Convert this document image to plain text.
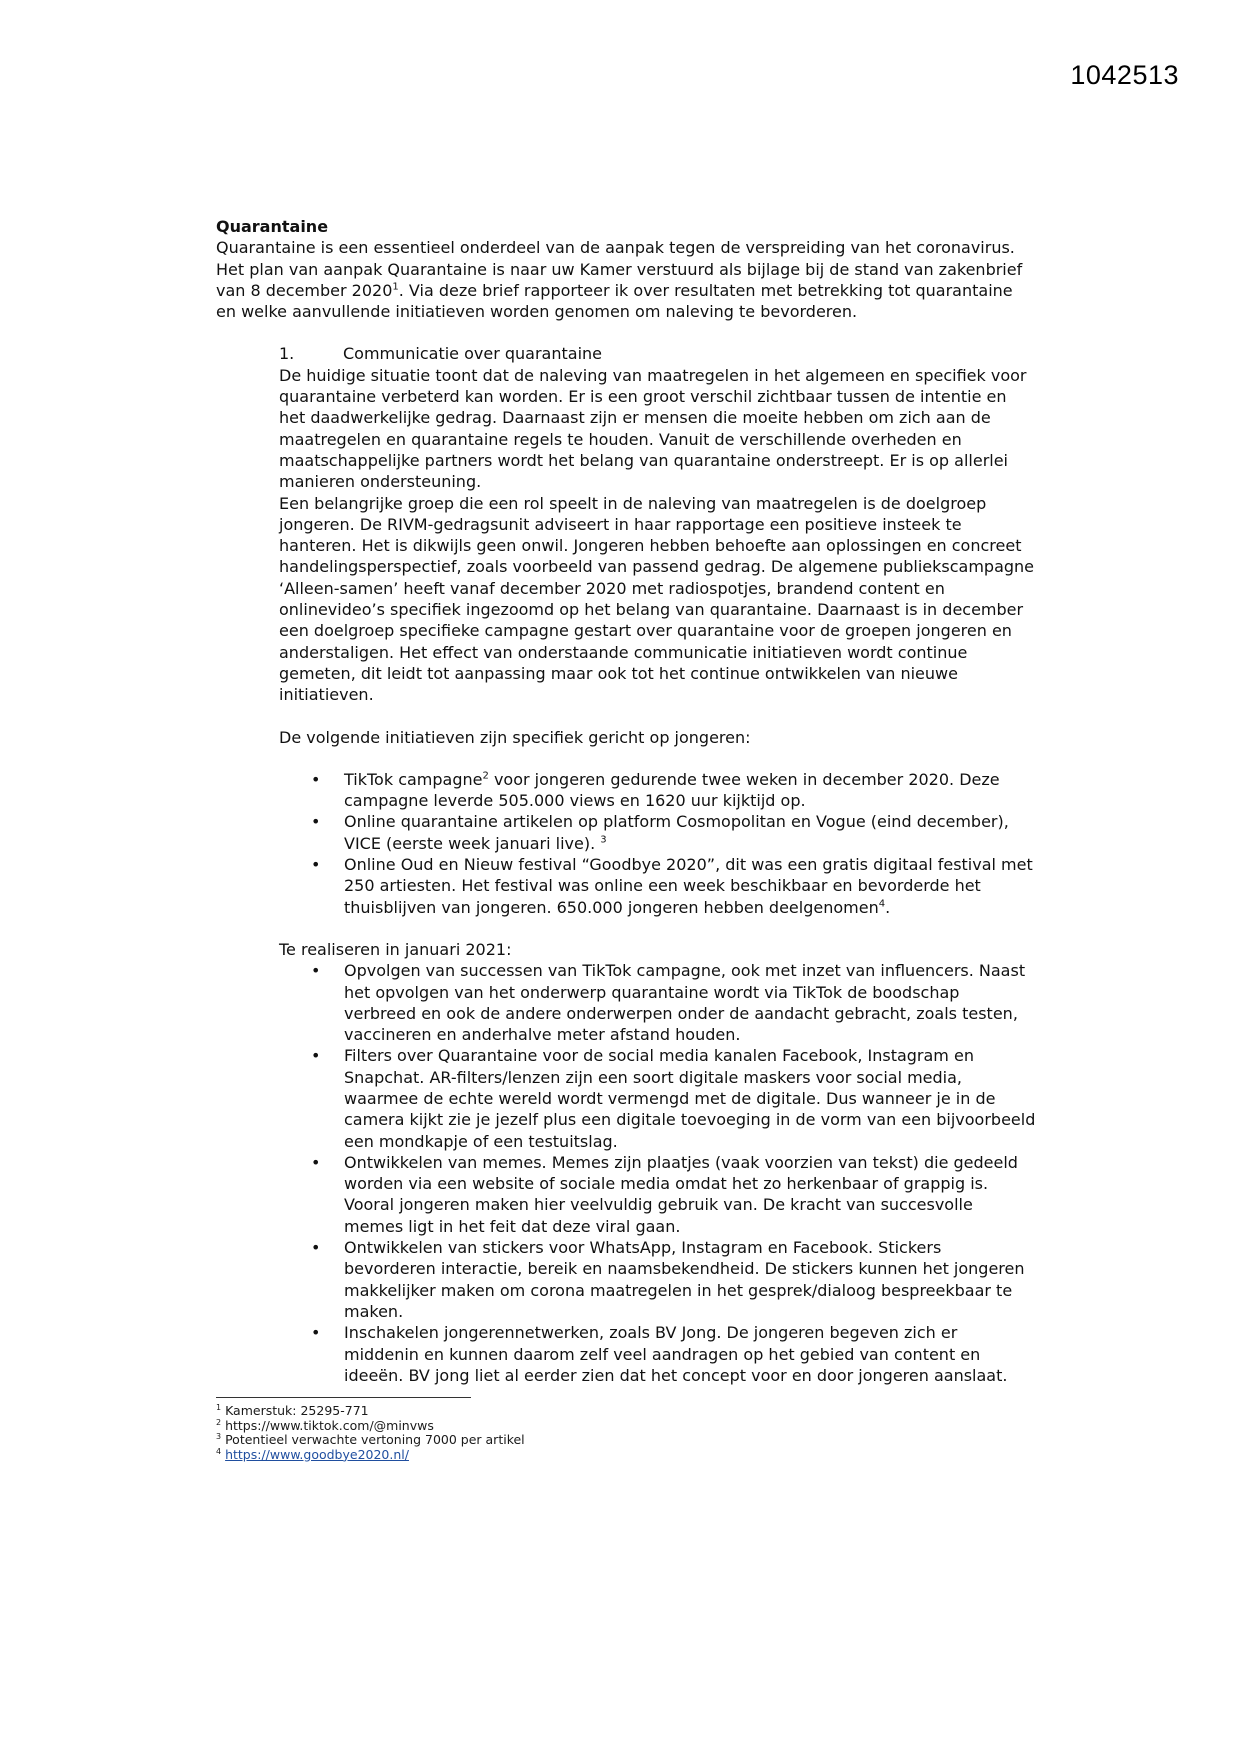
1042513

Quarantaine

Quarantaine is een essentieel onderdeel van de aanpak tegen de verspreiding van het coronavirus. Het plan van aanpak Quarantaine is naar uw Kamer verstuurd als bijlage bij de stand van zakenbrief van 8 december 2020$^1$. Via deze brief rapporteer ik over resultaten met betrekking tot quarantaine en welke aanvullende initiatieven worden genomen om naleving te bevorderen.

1.	Communicatie over quarantaine

De huidige situatie toont dat de naleving van maatregelen in het algemeen en specifiek voor quarantaine verbeterd kan worden. Er is een groot verschil zichtbaar tussen de intentie en het daadwerkelijke gedrag. Daarnaast zijn er mensen die moeite hebben om zich aan de maatregelen en quarantaine regels te houden. Vanuit de verschillende overheden en maatschappelijke partners wordt het belang van quarantaine onderstreept. Er is op allerlei manieren ondersteuning.

Een belangrijke groep die een rol speelt in de naleving van maatregelen is de doelgroep jongeren. De RIVM-gedragsunit adviseert in haar rapportage een positieve insteek te hanteren. Het is dikwijls geen onwil. Jongeren hebben behoefte aan oplossingen en concreet handelingsperspectief, zoals voorbeeld van passend gedrag. De algemene publiekscampagne ‘Alleen-samen’ heeft vanaf december 2020 met radiospotjes, brandend content en onlinevideo’s specifiek ingezoomd op het belang van quarantaine. Daarnaast is in december een doelgroep specifieke campagne gestart over quarantaine voor de groepen jongeren en anderstaligen. Het effect van onderstaande communicatie initiatieven wordt continue gemeten, dit leidt tot aanpassing maar ook tot het continue ontwikkelen van nieuwe initiatieven.

De volgende initiatieven zijn specifiek gericht op jongeren:

• TikTok campagne$^2$ voor jongeren gedurende twee weken in december 2020. Deze campagne leverde 505.000 views en 1620 uur kijktijd op.
• Online quarantaine artikelen op platform Cosmopolitan en Vogue (eind december), VICE (eerste week januari live). $^3$
• Online Oud en Nieuw festival “Goodbye 2020”, dit was een gratis digitaal festival met 250 artiesten. Het festival was online een week beschikbaar en bevorderde het thuisblijven van jongeren. 650.000 jongeren hebben deelgenomen$^4$.

Te realiseren in januari 2021:

• Opvolgen van successen van TikTok campagne, ook met inzet van influencers. Naast het opvolgen van het onderwerp quarantaine wordt via TikTok de boodschap verbreed en ook de andere onderwerpen onder de aandacht gebracht, zoals testen, vaccineren en anderhalve meter afstand houden.
• Filters over Quarantaine voor de social media kanalen Facebook, Instagram en Snapchat. AR-filters/lenzen zijn een soort digitale maskers voor social media, waarmee de echte wereld wordt vermengd met de digitale. Dus wanneer je in de camera kijkt zie je jezelf plus een digitale toevoeging in de vorm van een bijvoorbeeld een mondkapje of een testuitslag.
• Ontwikkelen van memes. Memes zijn plaatjes (vaak voorzien van tekst) die gedeeld worden via een website of sociale media omdat het zo herkenbaar of grappig is. Vooral jongeren maken hier veelvuldig gebruik van. De kracht van succesvolle memes ligt in het feit dat deze viral gaan.
• Ontwikkelen van stickers voor WhatsApp, Instagram en Facebook. Stickers bevorderen interactie, bereik en naamsbekendheid. De stickers kunnen het jongeren makkelijker maken om corona maatregelen in het gesprek/dialoog bespreekbaar te maken.
• Inschakelen jongerennetwerken, zoals BV Jong. De jongeren begeven zich er middenin en kunnen daarom zelf veel aandragen op het gebied van content en ideeën. BV jong liet al eerder zien dat het concept voor en door jongeren aanslaat.
$^1$ Kamerstuk: 25295-771
$^2$ https://www.tiktok.com/@minvws
$^3$ Potentieel verwachte vertoning 7000 per artikel
$^4$ https://www.goodbye2020.nl/
